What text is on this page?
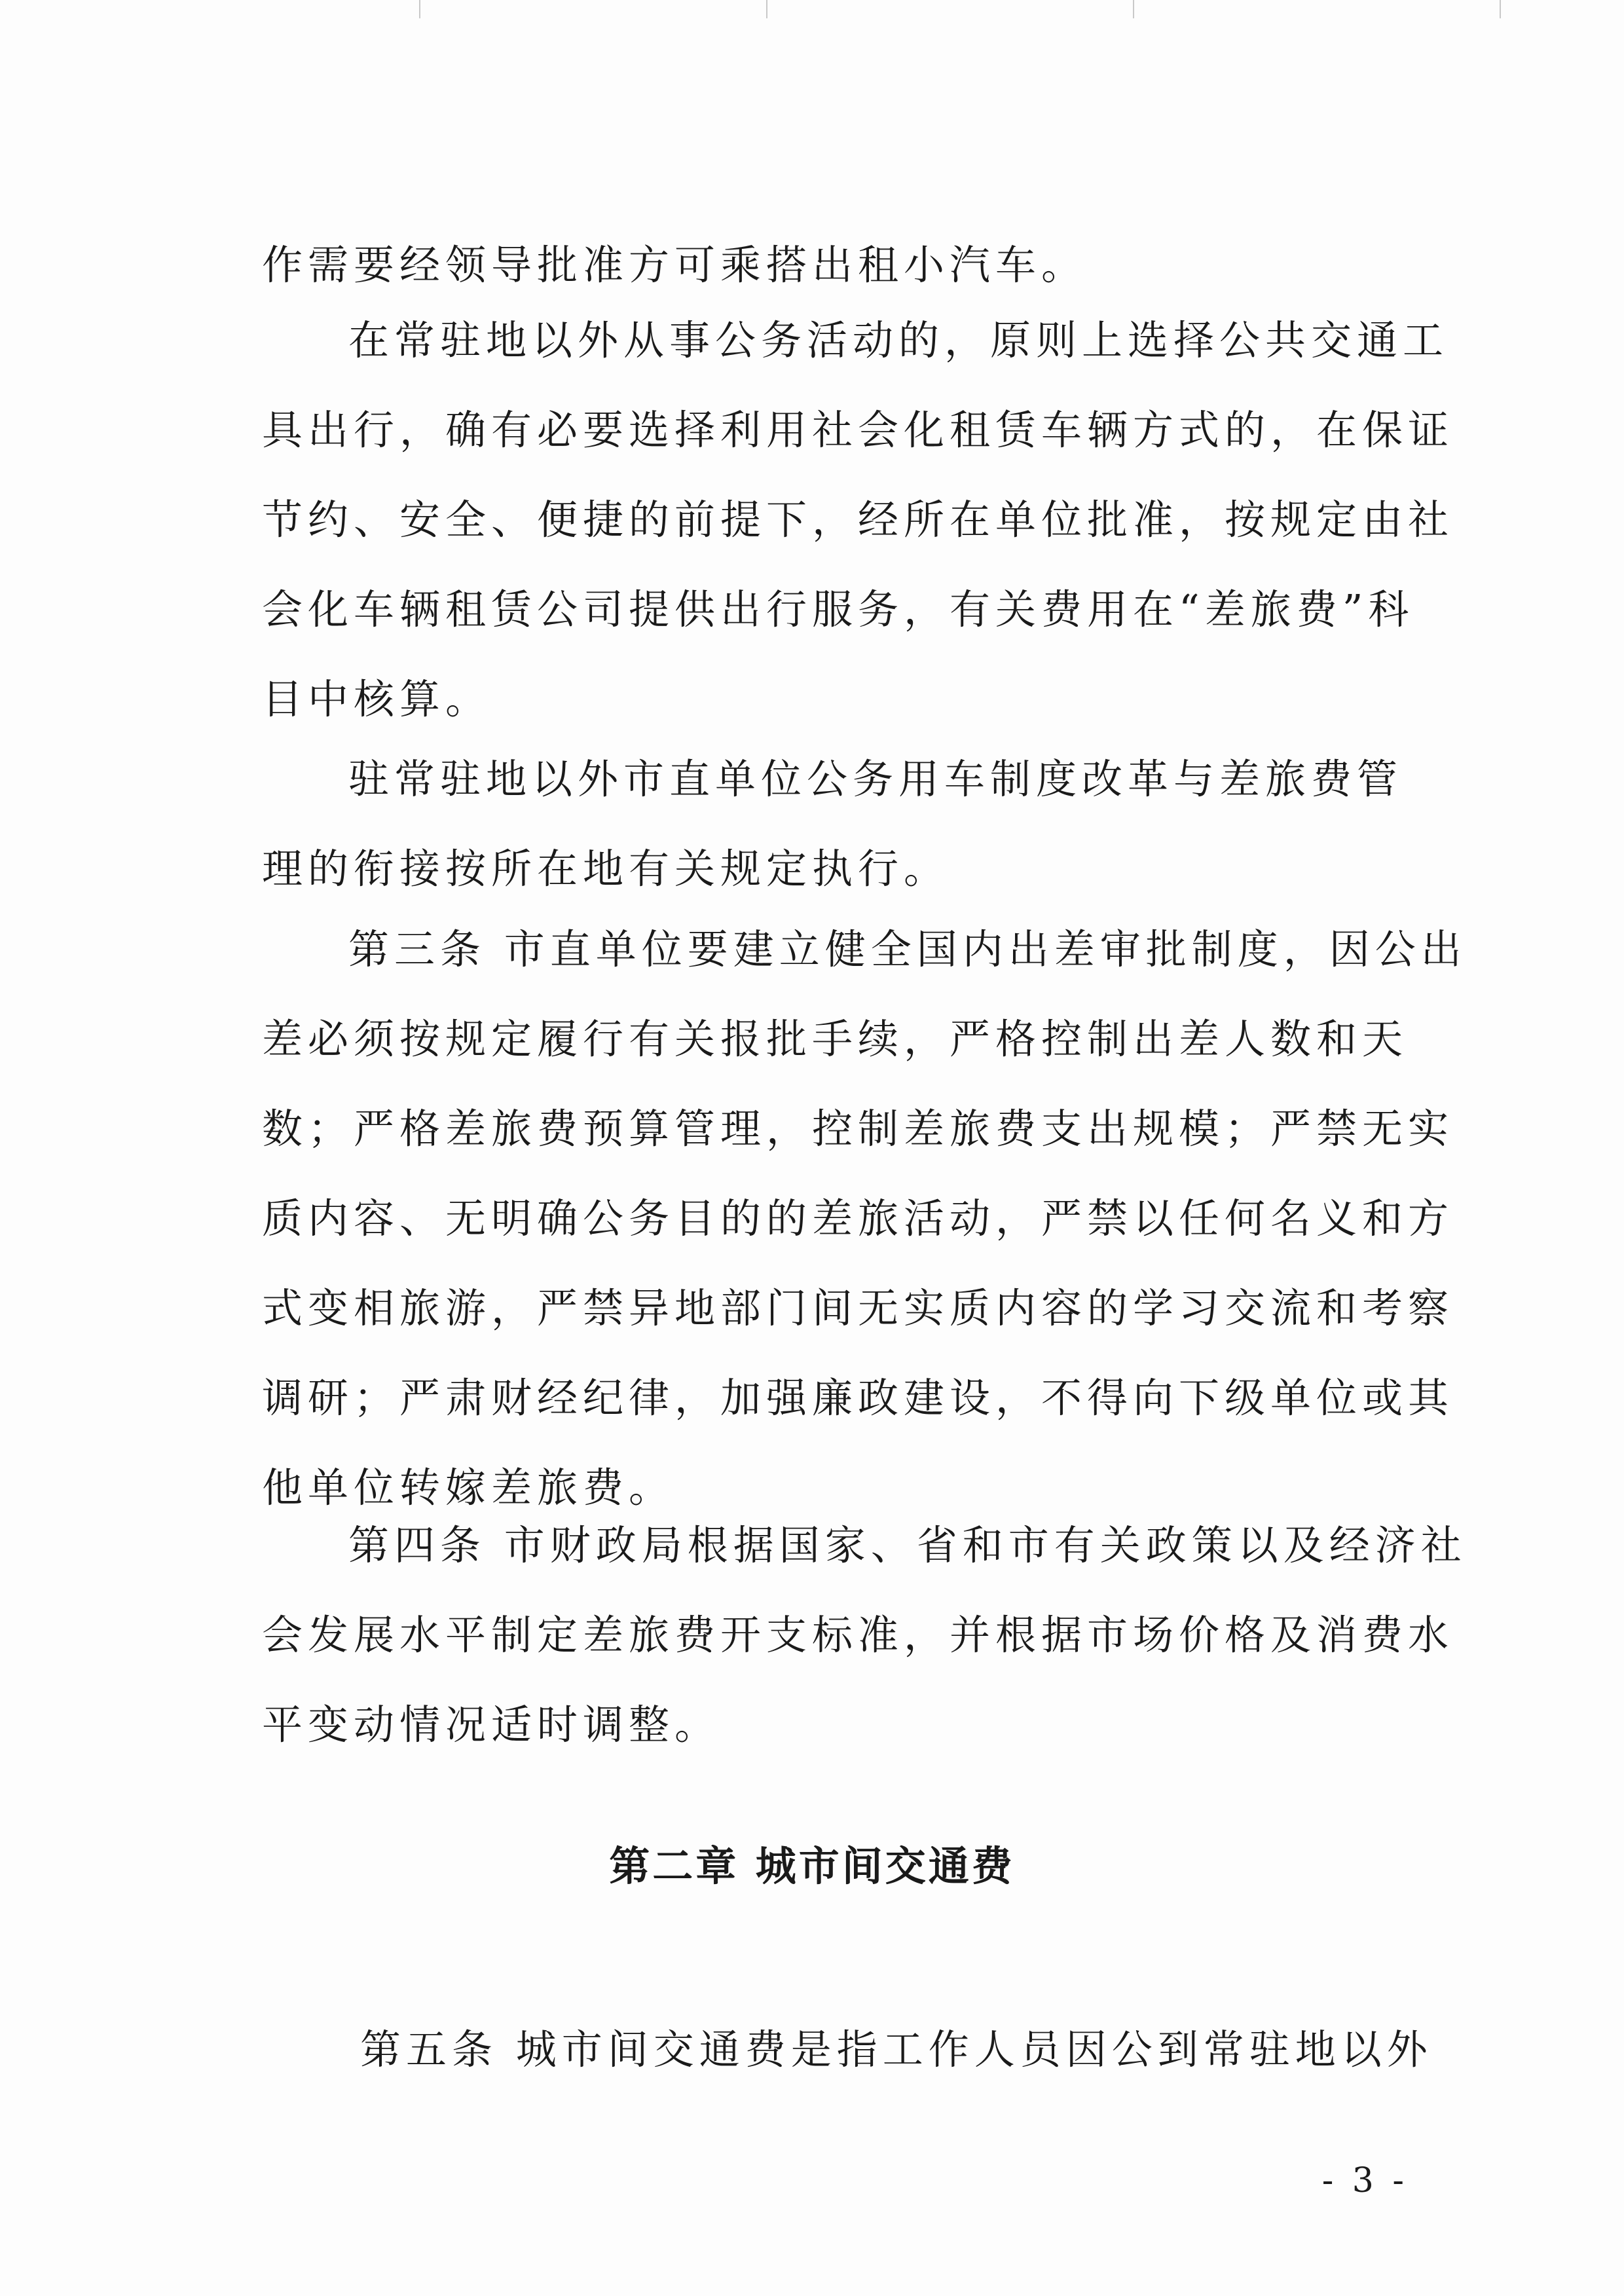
作需要经领导批准方可乘搭出租小汽车。

在常驻地以外从事公务活动的，原则上选择公共交通工

具出行，确有必要选择利用社会化租赁车辆方式的，在保证

节约、安全、便捷的前提下，经所在单位批准，按规定由社

会化车辆租赁公司提供出行服务，有关费用在“差旅费”科

目中核算。

驻常驻地以外市直单位公务用车制度改革与差旅费管

理的衔接按所在地有关规定执行。

第三条 市直单位要建立健全国内出差审批制度，因公出

差必须按规定履行有关报批手续，严格控制出差人数和天

数；严格差旅费预算管理，控制差旅费支出规模；严禁无实

质内容、无明确公务目的的差旅活动，严禁以任何名义和方

式变相旅游，严禁异地部门间无实质内容的学习交流和考察

调研；严肃财经纪律，加强廉政建设，不得向下级单位或其

他单位转嫁差旅费。

第四条 市财政局根据国家、省和市有关政策以及经济社

会发展水平制定差旅费开支标准，并根据市场价格及消费水

平变动情况适时调整。

第二章 城市间交通费

第五条 城市间交通费是指工作人员因公到常驻地以外

- 3 -
